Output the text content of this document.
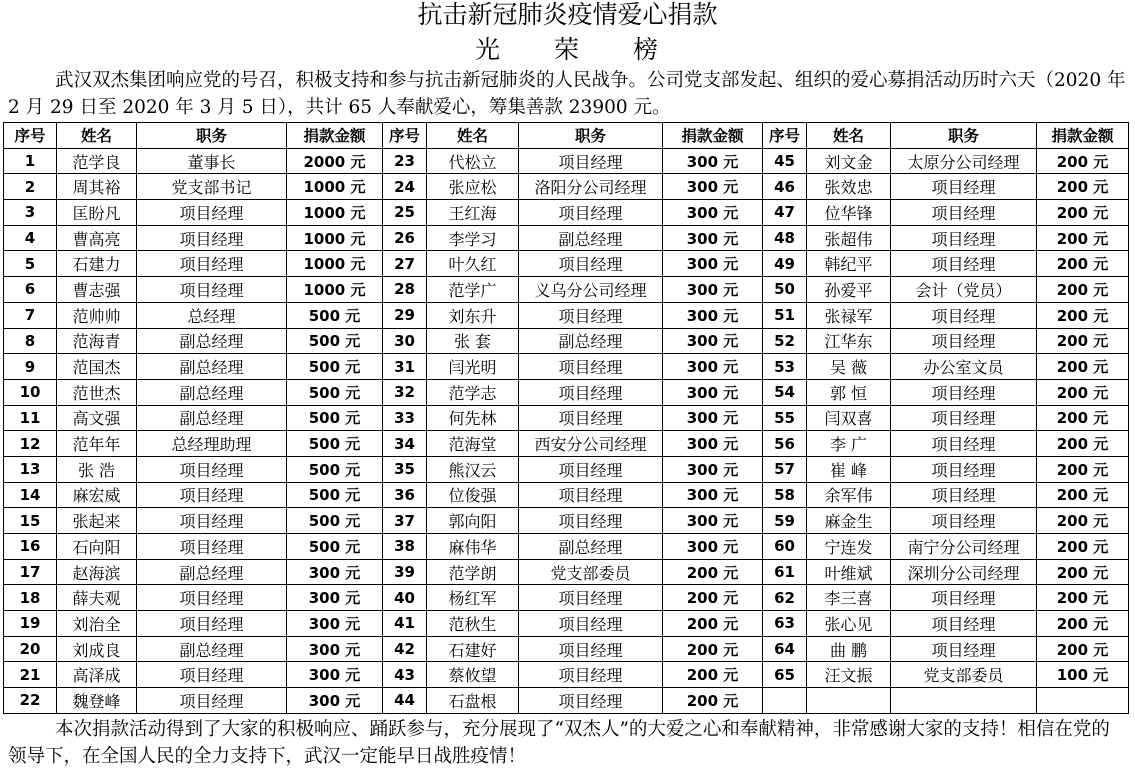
抗击新冠肺炎疫情爱心捐款
光 荣 榜
武汉双杰集团响应党的号召，积极支持和参与抗击新冠肺炎的人民战争。公司党支部发起、组织的爱心募捐活动历时六天（2020 年 2 月 29 日至 2020 年 3 月 5 日），共计 65 人奉献爱心，筹集善款 23900 元。
序号	姓名	职务	捐款金额	序号	姓名	职务	捐款金额	序号	姓名	职务	捐款金额
1	范学良	董事长	2000 元	23	代松立	项目经理	300 元	45	刘文金	太原分公司经理	200 元
2	周其裕	党支部书记	1000 元	24	张应松	洛阳分公司经理	300 元	46	张效忠	项目经理	200 元
3	匡盼凡	项目经理	1000 元	25	王红海	项目经理	300 元	47	位华锋	项目经理	200 元
4	曹高亮	项目经理	1000 元	26	李学习	副总经理	300 元	48	张超伟	项目经理	200 元
5	石建力	项目经理	1000 元	27	叶久红	项目经理	300 元	49	韩纪平	项目经理	200 元
6	曹志强	项目经理	1000 元	28	范学广	义乌分公司经理	300 元	50	孙爱平	会计（党员）	200 元
7	范帅帅	总经理	500 元	29	刘东升	项目经理	300 元	51	张禄军	项目经理	200 元
8	范海青	副总经理	500 元	30	张 套	副总经理	300 元	52	江华东	项目经理	200 元
9	范国杰	副总经理	500 元	31	闫光明	项目经理	300 元	53	吴 薇	办公室文员	200 元
10	范世杰	副总经理	500 元	32	范学志	项目经理	300 元	54	郭 恒	项目经理	200 元
11	高文强	副总经理	500 元	33	何先林	项目经理	300 元	55	闫双喜	项目经理	200 元
12	范年年	总经理助理	500 元	34	范海堂	西安分公司经理	300 元	56	李 广	项目经理	200 元
13	张 浩	项目经理	500 元	35	熊汉云	项目经理	300 元	57	崔 峰	项目经理	200 元
14	麻宏威	项目经理	500 元	36	位俊强	项目经理	300 元	58	余军伟	项目经理	200 元
15	张起来	项目经理	500 元	37	郭向阳	项目经理	300 元	59	麻金生	项目经理	200 元
16	石向阳	项目经理	500 元	38	麻伟华	副总经理	300 元	60	宁连发	南宁分公司经理	200 元
17	赵海滨	副总经理	300 元	39	范学朗	党支部委员	200 元	61	叶维斌	深圳分公司经理	200 元
18	薛夫观	项目经理	300 元	40	杨红军	项目经理	200 元	62	李三喜	项目经理	200 元
19	刘治全	项目经理	300 元	41	范秋生	项目经理	200 元	63	张心见	项目经理	200 元
20	刘成良	副总经理	300 元	42	石建好	项目经理	200 元	64	曲 鹏	项目经理	200 元
21	高泽成	项目经理	300 元	43	蔡攸望	项目经理	200 元	65	汪文振	党支部委员	100 元
22	魏登峰	项目经理	300 元	44	石盘根	项目经理	200 元				
本次捐款活动得到了大家的积极响应、踊跃参与，充分展现了“双杰人”的大爱之心和奉献精神，非常感谢大家的支持！相信在党的领导下，在全国人民的全力支持下，武汉一定能早日战胜疫情！
